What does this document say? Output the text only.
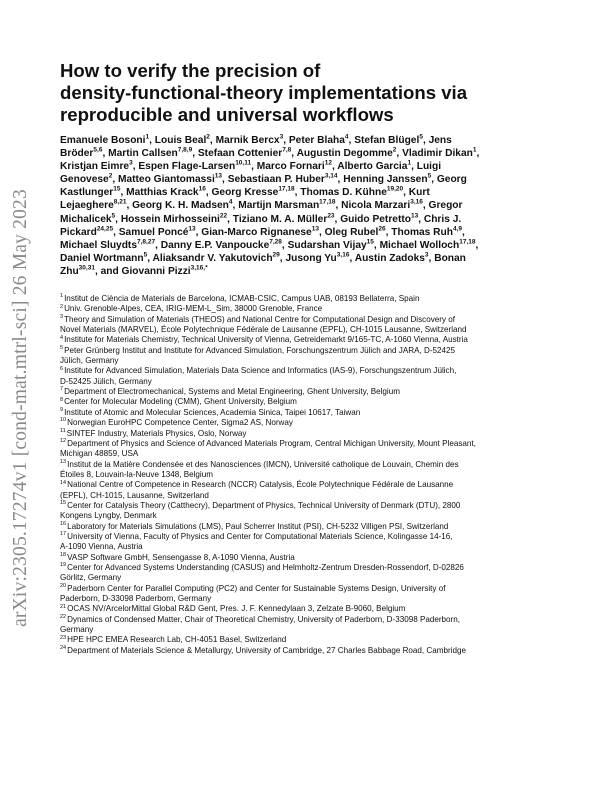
arXiv:2305.17274v1 [cond-mat.mtrl-sci] 26 May 2023
How to verify the precision of
density-functional-theory implementations via
reproducible and universal workflows
Emanuele Bosoni$^1$, Louis Beal$^2$, Marnik Bercx$^3$, Peter Blaha$^4$, Stefan Blügel$^5$, Jens
Bröder$^{5,6}$, Martin Callsen$^{7,8,9}$, Stefaan Cottenier$^{7,8}$, Augustin Degomme$^2$, Vladimir Dikan$^1$,
Kristjan Eimre$^3$, Espen Flage-Larsen$^{10,11}$, Marco Fornari$^{12}$, Alberto Garcia$^1$, Luigi
Genovese$^2$, Matteo Giantomassi$^{13}$, Sebastiaan P. Huber$^{3,14}$, Henning Janssen$^5$, Georg
Kastlunger$^{15}$, Matthias Krack$^{16}$, Georg Kresse$^{17,18}$, Thomas D. Kühne$^{19,20}$, Kurt
Lejaeghere$^{8,21}$, Georg K. H. Madsen$^4$, Martijn Marsman$^{17,18}$, Nicola Marzari$^{3,16}$, Gregor
Michalicek$^5$, Hossein Mirhosseini$^{22}$, Tiziano M. A. Müller$^{23}$, Guido Petretto$^{13}$, Chris J.
Pickard$^{24,25}$, Samuel Poncé$^{13}$, Gian-Marco Rignanese$^{13}$, Oleg Rubel$^{26}$, Thomas Ruh$^{4,9}$,
Michael Sluydts$^{7,8,27}$, Danny E.P. Vanpoucke$^{7,28}$, Sudarshan Vijay$^{15}$, Michael Wolloch$^{17,18}$,
Daniel Wortmann$^5$, Aliaksandr V. Yakutovich$^{29}$, Jusong Yu$^{3,16}$, Austin Zadoks$^3$, Bonan
Zhu$^{30,31}$, and Giovanni Pizzi$^{3,16,*}$
$^1$Institut de Ciència de Materials de Barcelona, ICMAB-CSIC, Campus UAB, 08193 Bellaterra, Spain
$^2$Univ. Grenoble-Alpes, CEA, IRIG-MEM-L_Sim, 38000 Grenoble, France
$^3$Theory and Simulation of Materials (THEOS) and National Centre for Computational Design and Discovery of
Novel Materials (MARVEL), École Polytechnique Fédérale de Lausanne (EPFL), CH-1015 Lausanne, Switzerland
$^4$Institute for Materials Chemistry, Technical University of Vienna, Getreidemarkt 9/165-TC, A-1060 Vienna, Austria
$^5$Peter Grünberg Institut and Institute for Advanced Simulation, Forschungszentrum Jülich and JARA, D-52425
Jülich, Germany
$^6$Institute for Advanced Simulation, Materials Data Science and Informatics (IAS-9), Forschungszentrum Jülich,
D-52425 Jülich, Germany
$^7$Department of Electromechanical, Systems and Metal Engineering, Ghent University, Belgium
$^8$Center for Molecular Modeling (CMM), Ghent University, Belgium
$^9$Institute of Atomic and Molecular Sciences, Academia Sinica, Taipei 10617, Taiwan
$^{10}$Norwegian EuroHPC Competence Center, Sigma2 AS, Norway
$^{11}$SINTEF Industry, Materials Physics, Oslo, Norway
$^{12}$Department of Physics and Science of Advanced Materials Program, Central Michigan University, Mount Pleasant,
Michigan 48859, USA
$^{13}$Institut de la Matière Condensée et des Nanosciences (IMCN), Université catholique de Louvain, Chemin des
Étoiles 8, Louvain-la-Neuve 1348, Belgium
$^{14}$National Centre of Competence in Research (NCCR) Catalysis, École Polytechnique Fédérale de Lausanne
(EPFL), CH-1015, Lausanne, Switzerland
$^{15}$Center for Catalysis Theory (Catthecry), Department of Physics, Technical University of Denmark (DTU), 2800
Kongens Lyngby, Denmark
$^{16}$Laboratory for Materials Simulations (LMS), Paul Scherrer Institut (PSI), CH-5232 Villigen PSI, Switzerland
$^{17}$University of Vienna, Faculty of Physics and Center for Computational Materials Science, Kolingasse 14-16,
A-1090 Vienna, Austria
$^{18}$VASP Software GmbH, Sensengasse 8, A-1090 Vienna, Austria
$^{19}$Center for Advanced Systems Understanding (CASUS) and Helmholtz-Zentrum Dresden-Rossendorf, D-02826
Görlitz, Germany
$^{20}$Paderborn Center for Parallel Computing (PC2) and Center for Sustainable Systems Design, University of
Paderborn, D-33098 Paderborn, Germany
$^{21}$OCAS NV/ArcelorMittal Global R&D Gent, Pres. J. F. Kennedylaan 3, Zelzate B-9060, Belgium
$^{22}$Dynamics of Condensed Matter, Chair of Theoretical Chemistry, University of Paderborn, D-33098 Paderborn,
Germany
$^{23}$HPE HPC EMEA Research Lab, CH-4051 Basel, Switzerland
$^{24}$Department of Materials Science & Metallurgy, University of Cambridge, 27 Charles Babbage Road, Cambridge
